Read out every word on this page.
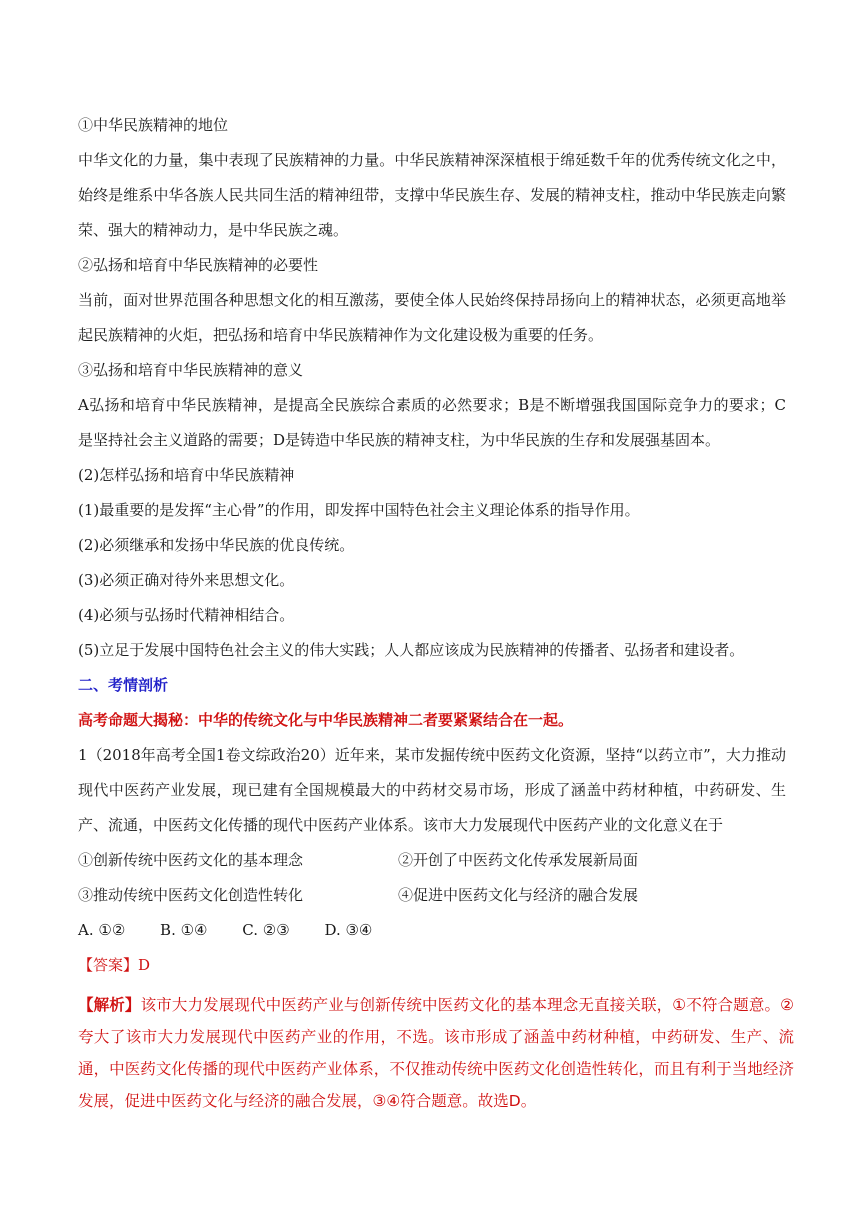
①中华民族精神的地位

中华文化的力量，集中表现了民族精神的力量。中华民族精神深深植根于绵延数千年的优秀传统文化之中，始终是维系中华各族人民共同生活的精神纽带，支撑中华民族生存、发展的精神支柱，推动中华民族走向繁荣、强大的精神动力，是中华民族之魂。

②弘扬和培育中华民族精神的必要性

当前，面对世界范围各种思想文化的相互激荡，要使全体人民始终保持昂扬向上的精神状态，必须更高地举起民族精神的火炬，把弘扬和培育中华民族精神作为文化建设极为重要的任务。

③弘扬和培育中华民族精神的意义

A弘扬和培育中华民族精神，是提高全民族综合素质的必然要求；B是不断增强我国国际竞争力的要求；C是坚持社会主义道路的需要；D是铸造中华民族的精神支柱，为中华民族的生存和发展强基固本。

(2)怎样弘扬和培育中华民族精神

(1)最重要的是发挥“主心骨”的作用，即发挥中国特色社会主义理论体系的指导作用。

(2)必须继承和发扬中华民族的优良传统。

(3)必须正确对待外来思想文化。

(4)必须与弘扬时代精神相结合。

(5)立足于发展中国特色社会主义的伟大实践；人人都应该成为民族精神的传播者、弘扬者和建设者。

二、考情剖析

高考命题大揭秘：中华的传统文化与中华民族精神二者要紧紧结合在一起。

1（2018年高考全国1卷文综政治20）近年来，某市发掘传统中医药文化资源，坚持“以药立市”，大力推动现代中医药产业发展，现已建有全国规模最大的中药材交易市场，形成了涵盖中药材种植，中药研发、生产、流通，中医药文化传播的现代中医药产业体系。该市大力发展现代中医药产业的文化意义在于

①创新传统中医药文化的基本理念	②开创了中医药文化传承发展新局面
③推动传统中医药文化创造性转化	④促进中医药文化与经济的融合发展
A. ①② B. ①④ C. ②③ D. ③④

【答案】D

【解析】该市大力发展现代中医药产业与创新传统中医药文化的基本理念无直接关联，①不符合题意。②夸大了该市大力发展现代中医药产业的作用，不选。该市形成了涵盖中药材种植，中药研发、生产、流通，中医药文化传播的现代中医药产业体系，不仅推动传统中医药文化创造性转化，而且有利于当地经济发展，促进中医药文化与经济的融合发展，③④符合题意。故选D。
